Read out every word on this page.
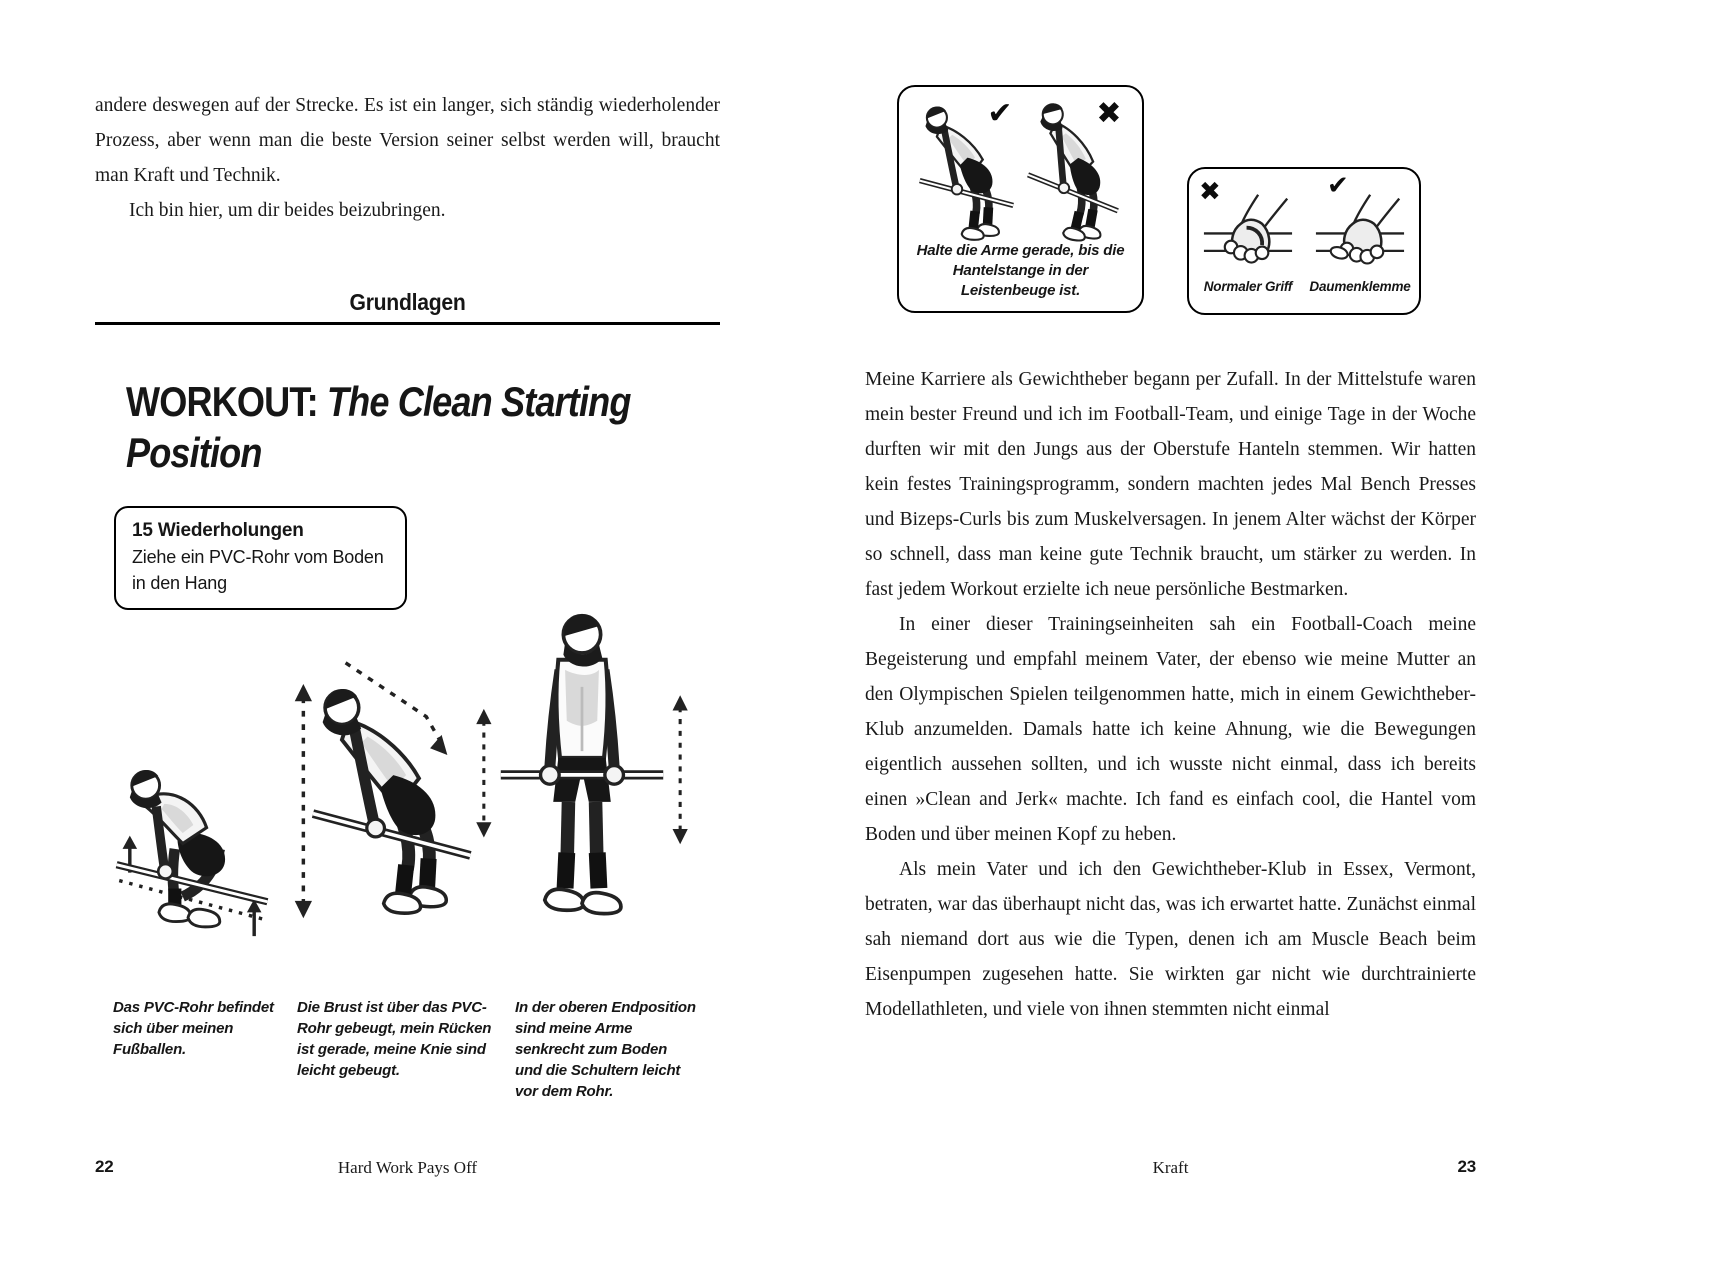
andere deswegen auf der Strecke. Es ist ein langer, sich ständig wiederholender Prozess, aber wenn man die beste Version seiner selbst werden will, braucht man Kraft und Technik.

Ich bin hier, um dir beides beizubringen.

Grundlagen
WORKOUT: The Clean Starting Position
15 Wiederholungen
Ziehe ein PVC-Rohr vom Boden in den Hang
Das PVC-Rohr befindet sich über meinen Fußballen.
Die Brust ist über das PVC-Rohr gebeugt, mein Rücken ist gerade, meine Knie sind leicht gebeugt.
In der oberen Endposition sind meine Arme senkrecht zum Boden und die Schultern leicht vor dem Rohr.
22	Hard Work Pays Off
✔	✖
Halte die Arme gerade, bis die Hantelstange in der Leistenbeuge ist.
✖
Normaler Griff
✔
Daumenklemme

Meine Karriere als Gewichtheber begann per Zufall. In der Mittelstufe waren mein bester Freund und ich im Football-Team, und einige Tage in der Woche durften wir mit den Jungs aus der Oberstufe Hanteln stemmen. Wir hatten kein festes Trainingsprogramm, sondern machten jedes Mal Bench Presses und Bizeps-Curls bis zum Muskelversagen. In jenem Alter wächst der Körper so schnell, dass man keine gute Technik braucht, um stärker zu werden. In fast jedem Workout erzielte ich neue persönliche Bestmarken.

In einer dieser Trainingseinheiten sah ein Football-Coach meine Begeisterung und empfahl meinem Vater, der ebenso wie meine Mutter an den Olympischen Spielen teilgenommen hatte, mich in einem Gewichtheber-Klub anzumelden. Damals hatte ich keine Ahnung, wie die Bewegungen eigentlich aussehen sollten, und ich wusste nicht einmal, dass ich bereits einen »Clean and Jerk« machte. Ich fand es einfach cool, die Hantel vom Boden und über meinen Kopf zu heben.

Als mein Vater und ich den Gewichtheber-Klub in Essex, Vermont, betraten, war das überhaupt nicht das, was ich erwartet hatte. Zunächst einmal sah niemand dort aus wie die Typen, denen ich am Muscle Beach beim Eisenpumpen zugesehen hatte. Sie wirkten gar nicht wie durchtrainierte Modellathleten, und viele von ihnen stemmten nicht einmal

Kraft	23
